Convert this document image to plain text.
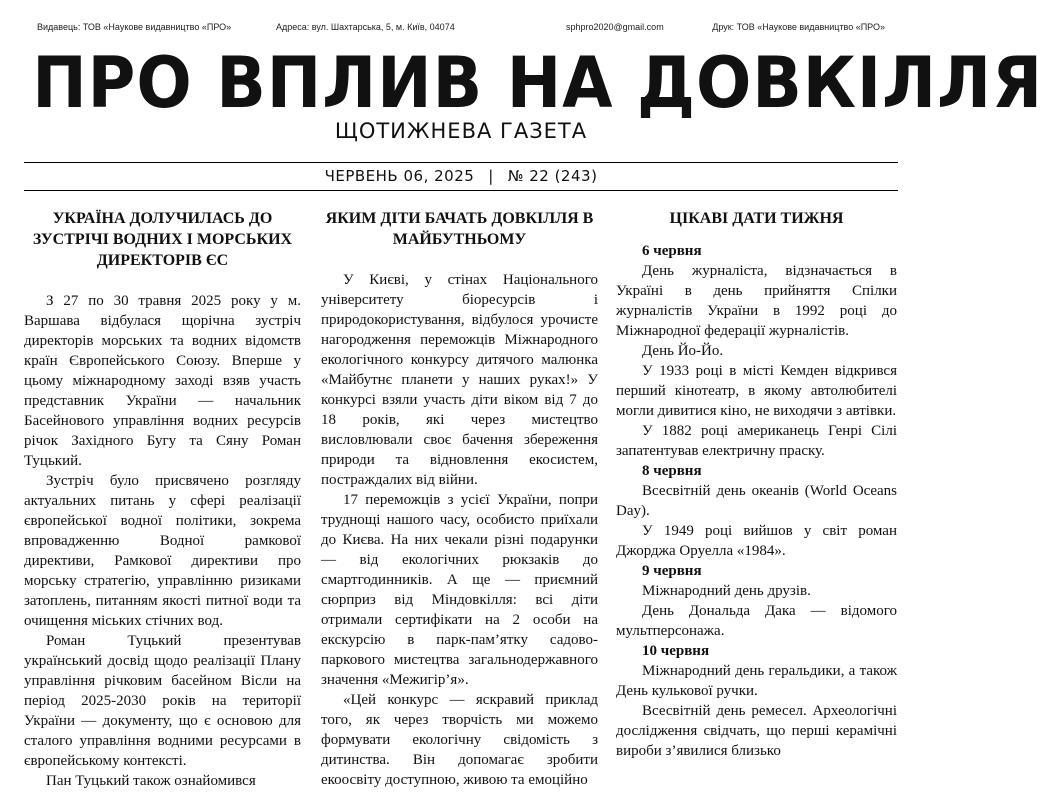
Видавець: ТОВ «Наукове видавництво «ПРО»	Адреса: вул. Шахтарська, 5, м. Київ, 04074	sphpro2020@gmail.com	Друк: ТОВ «Наукове видавництво «ПРО»
ПРО ВПЛИВ НА ДОВКІЛЛЯ
ЩОТИЖНЕВА ГАЗЕТА
ЧЕРВЕНЬ 06, 2025 | № 22 (243)
УКРАЇНА ДОЛУЧИЛАСЬ ДО ЗУСТРІЧІ ВОДНИХ І МОРСЬКИХ ДИРЕКТОРІВ ЄС

З 27 по 30 травня 2025 року у м. Варшава відбулася щорічна зустріч директорів морських та водних відомств країн Європейського Союзу. Вперше у цьому міжнародному заході взяв участь представник України — начальник Басейнового управління водних ресурсів річок Західного Бугу та Сяну Роман Туцький.

Зустріч було присвячено розгляду актуальних питань у сфері реалізації європейської водної політики, зокрема впровадженню Водної рамкової директиви, Рамкової директиви про морську стратегію, управлінню ризиками затоплень, питанням якості питної води та очищення міських стічних вод.

Роман Туцький презентував український досвід щодо реалізації Плану управління річковим басейном Вісли на період 2025-2030 років на території України — документу, що є основою для сталого управління водними ресурсами в європейському контексті.

Пан Туцький також ознайомився

ЯКИМ ДІТИ БАЧАТЬ ДОВКІЛЛЯ В МАЙБУТНЬОМУ

У Києві, у стінах Національного університету біоресурсів і природокористування, відбулося урочисте нагородження переможців Міжнародного екологічного конкурсу дитячого малюнка «Майбутнє планети у наших руках!» У конкурсі взяли участь діти віком від 7 до 18 років, які через мистецтво висловлювали своє бачення збереження природи та відновлення екосистем, постраждалих від війни.

17 переможців з усієї України, попри труднощі нашого часу, особисто приїхали до Києва. На них чекали різні подарунки — від екологічних рюкзаків до смартгодинників. А ще — приємний сюрприз від Міндовкілля: всі діти отримали сертифікати на 2 особи на екскурсію в парк-пам’ятку садово-паркового мистецтва загальнодержавного значення «Межигір’я».

«Цей конкурс — яскравий приклад того, як через творчість ми можемо формувати екологічну свідомість з дитинства. Він допомагає зробити екоосвіту доступною, живою та емоційно

ЦІКАВІ ДАТИ ТИЖНЯ

6 червня

День журналіста, відзначається в Україні в день прийняття Спілки журналістів України в 1992 році до Міжнародної федерації журналістів.

День Йо-Йо.

У 1933 році в місті Кемден відкрився перший кінотеатр, в якому автолюбителі могли дивитися кіно, не виходячи з автівки.

У 1882 році американець Генрі Сілі запатентував електричну праску.

8 червня

Всесвітній день океанів (World Oceans Day).

У 1949 році вийшов у світ роман Джорджа Оруелла «1984».

9 червня

Міжнародний день друзів.

День Дональда Дака — відомого мультперсонажа.

10 червня

Міжнародний день геральдики, а також День кулькової ручки.

Всесвітній день ремесел. Археологічні дослідження свідчать, що перші керамічні вироби з’явилися близько
